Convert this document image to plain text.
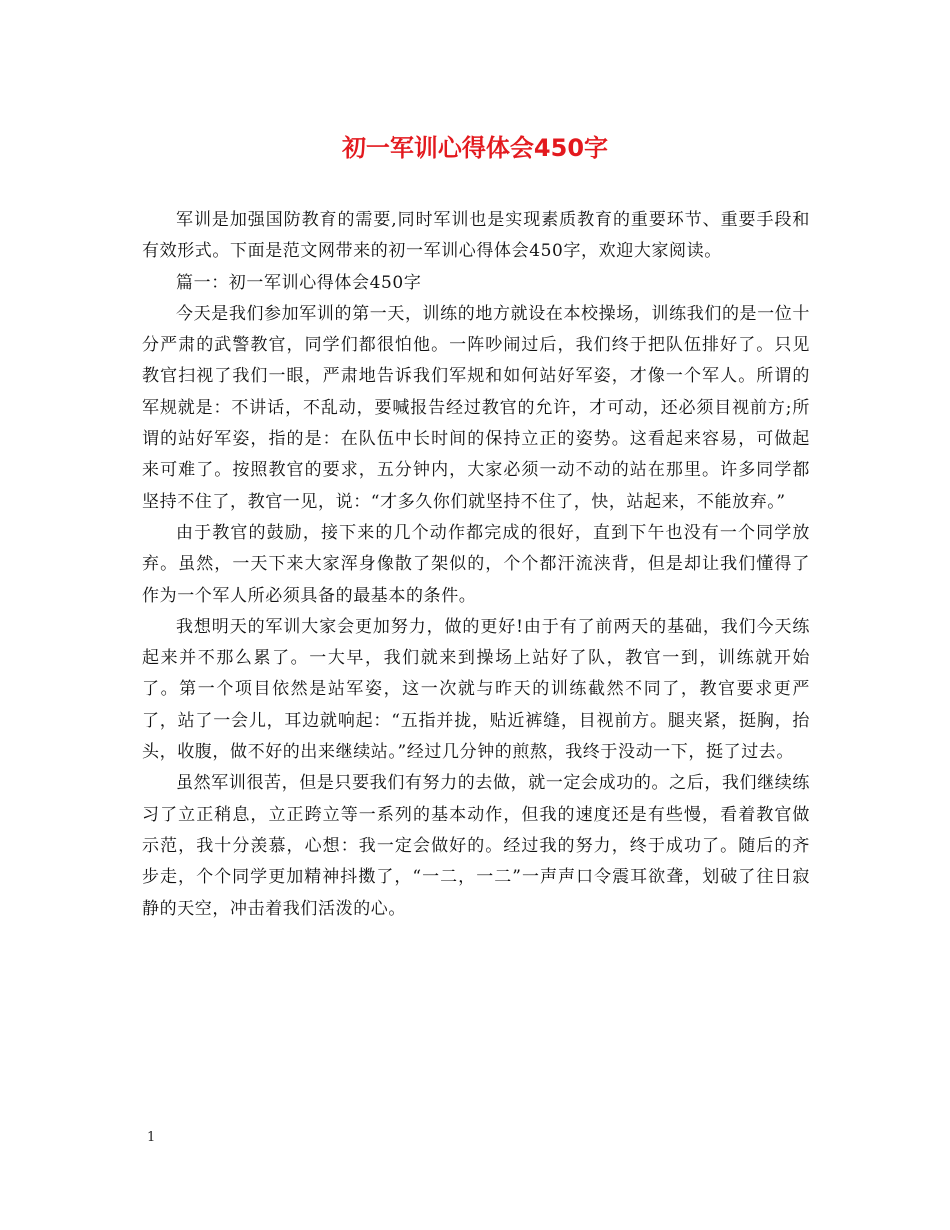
初一军训心得体会450字

军训是加强国防教育的需要,同时军训也是实现素质教育的重要环节、重要手段和有效形式。下面是范文网带来的初一军训心得体会450字，欢迎大家阅读。

篇一：初一军训心得体会450字

今天是我们参加军训的第一天，训练的地方就设在本校操场，训练我们的是一位十分严肃的武警教官，同学们都很怕他。一阵吵闹过后，我们终于把队伍排好了。只见教官扫视了我们一眼，严肃地告诉我们军规和如何站好军姿，才像一个军人。所谓的军规就是：不讲话，不乱动，要喊报告经过教官的允许，才可动，还必须目视前方;所谓的站好军姿，指的是：在队伍中长时间的保持立正的姿势。这看起来容易，可做起来可难了。按照教官的要求，五分钟内，大家必须一动不动的站在那里。许多同学都坚持不住了，教官一见，说：“才多久你们就坚持不住了，快，站起来，不能放弃。”

由于教官的鼓励，接下来的几个动作都完成的很好，直到下午也没有一个同学放弃。虽然，一天下来大家浑身像散了架似的，个个都汗流浃背，但是却让我们懂得了作为一个军人所必须具备的最基本的条件。

我想明天的军训大家会更加努力，做的更好!由于有了前两天的基础，我们今天练起来并不那么累了。一大早，我们就来到操场上站好了队，教官一到，训练就开始了。第一个项目依然是站军姿，这一次就与昨天的训练截然不同了，教官要求更严了，站了一会儿，耳边就响起：“五指并拢，贴近裤缝，目视前方。腿夹紧，挺胸，抬头，收腹，做不好的出来继续站。”经过几分钟的煎熬，我终于没动一下，挺了过去。

虽然军训很苦，但是只要我们有努力的去做，就一定会成功的。之后，我们继续练习了立正稍息，立正跨立等一系列的基本动作，但我的速度还是有些慢，看着教官做示范，我十分羡慕，心想：我一定会做好的。经过我的努力，终于成功了。随后的齐步走，个个同学更加精神抖擞了，“一二，一二”一声声口令震耳欲聋，划破了往日寂静的天空，冲击着我们活泼的心。

1
